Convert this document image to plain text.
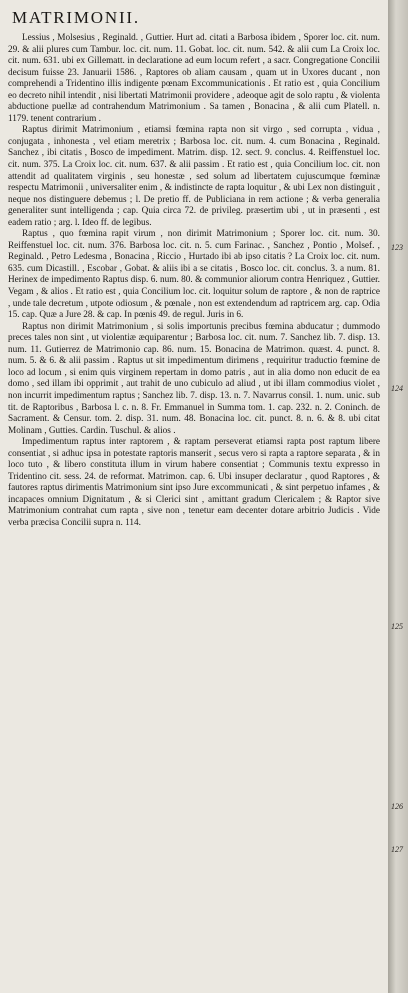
MATRIMONII.

Lessius , Molsesius , Reginald. , Guttier. Hurt ad. citati a Barbosa ibidem , Sporer loc. cit. num. 29. & alii plures cum Tambur. loc. cit. num. 11. Gobat. loc. cit. num. 542. & alii cum La Croix loc. cit. num. 631. ubi ex Gillematt. in declaratione ad eum locum refert , a sacr. Congregatione Concilii decisum fuisse 23. Januarii 1586. , Raptores ob aliam causam , quam ut in Uxores ducant , non comprehendi a Tridentino illis indigente pœnam Excommunicationis . Et ratio est , quia Concilium eo decreto nihil intendit , nisi libertati Matrimonii providere , adeoque agit de solo raptu , & violenta abductione puellæ ad contrahendum Matrimonium . Sa tamen , Bonacina , & alii cum Platell. n. 1179. tenent contrarium .

Raptus dirimit Matrimonium , etiamsi fœmina rapta non sit virgo , sed corrupta , vidua , conjugata , inhonesta , vel etiam meretrix ; Barbosa loc. cit. num. 4. cum Bonacina , Reginald. Sanchez , ibi citatis , Bosco de impediment. Matrim. disp. 12. sect. 9. conclus. 4. Reiffenstuel loc. cit. num. 375. La Croix loc. cit. num. 637. & alii passim . Et ratio est , quia Concilium loc. cit. non attendit ad qualitatem virginis , seu honestæ , sed solum ad libertatem cujuscumque fœminæ respectu Matrimonii , universaliter enim , & indistincte de rapta loquitur , & ubi Lex non distinguit , neque nos distinguere debemus ; l. De pretio ff. de Publiciana in rem actione ; & verba generalia generaliter sunt intelligenda ; cap. Quia circa 72. de privileg. præsertim ubi , ut in præsenti , est eadem ratio ; arg. l. Ideo ff. de legibus.

Raptus , quo fœmina rapit virum , non dirimit Matrimonium ; Sporer loc. cit. num. 30. Reiffenstuel loc. cit. num. 376. Barbosa loc. cit. n. 5. cum Farinac. , Sanchez , Pontio , Molsef. , Reginald. , Petro Ledesma , Bonacina , Riccio , Hurtado ibi ab ipso citatis ? La Croix loc. cit. num. 635. cum Dicastill. , Escobar , Gobat. & aliis ibi a se citatis , Bosco loc. cit. conclus. 3. a num. 81. Herinex de impedimento Raptus disp. 6. num. 80. & communior aliorum contra Henriquez , Guttier. Vegam , & alios . Et ratio est , quia Concilium loc. cit. loquitur solum de raptore , & non de raptrice , unde tale decretum , utpote odiosum , & pœnale , non est extendendum ad raptricem arg. cap. Odia 15. cap. Quæ a Jure 28. & cap. In pœnis 49. de regul. Juris in 6.

Raptus non dirimit Matrimonium , si solis importunis precibus fœmina abducatur ; dummodo preces tales non sint , ut violentiæ æquiparentur ; Barbosa loc. cit. num. 7. Sanchez lib. 7. disp. 13. num. 11. Gutierrez de Matrimonio cap. 86. num. 15. Bonacina de Matrimon. quæst. 4. punct. 8. num. 5. & 6. & alii passim . Raptus ut sit impedimentum dirimens , requiritur traductio fœmine de loco ad locum , si enim quis virginem repertam in domo patris , aut in alia domo non educit de ea domo , sed illam ibi opprimit , aut trahit de uno cubiculo ad aliud , ut ibi illam commodius violet , non incurrit impedimentum raptus ; Sanchez lib. 7. disp. 13. n. 7. Navarrus consil. 1. num. unic. sub tit. de Raptoribus , Barbosa l. c. n. 8. Fr. Emmanuel in Summa tom. 1. cap. 232. n. 2. Coninch. de Sacrament. & Censur. tom. 2. disp. 31. num. 48. Bonacina loc. cit. punct. 8. n. 6. & 8. ubi citat Molinam , Gutties. Cardin. Tuschul. & alios .

Impedimentum raptus inter raptorem , & raptam perseverat etiamsi rapta post raptum libere consentiat , si adhuc ipsa in potestate raptoris manserit , secus vero si rapta a raptore separata , & in loco tuto , & libero constituta illum in virum habere consentiat ; Communis textu expresso in Tridentino cit. sess. 24. de reformat. Matrimon. cap. 6. Ubi insuper declaratur , quod Raptores , & fautores raptus dirimentis Matrimonium sint ipso Jure excommunicati , & sint perpetuo infames , & incapaces omnium Dignitatum , & si Clerici sint , amittant gradum Clericalem ; & Raptor sive Matrimonium contrahat cum rapta , sive non , tenetur eam decenter dotare arbitrio Judicis . Vide verba præcisa Concilii supra n. 114.

123
124
125
126
127
